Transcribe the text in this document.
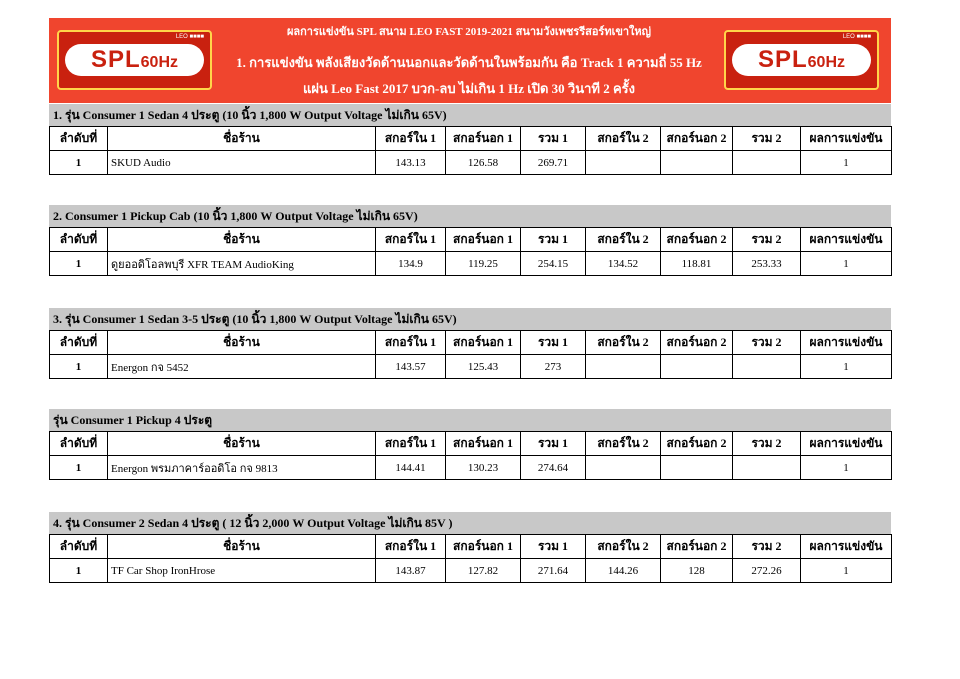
LEO ■■■■
SPL60Hz
ผลการแข่งขัน SPL สนาม LEO FAST 2019-2021 สนามวังเพชรรีสอร์ทเขาใหญ่
1. การแข่งขัน พลังเสียงวัดด้านนอกและวัดด้านในพร้อมกัน คือ Track 1 ความถี่ 55 Hz
แผ่น Leo Fast 2017 บวก-ลบ ไม่เกิน 1 Hz เปิด 30 วินาที 2 ครั้ง
LEO ■■■■
SPL60Hz
1. รุ่น Consumer 1 Sedan 4 ประตู (10 นิ้ว 1,800 W Output Voltage ไม่เกิน 65V)
ลำดับที่	ชื่อร้าน	สกอร์ใน 1	สกอร์นอก 1	รวม 1	สกอร์ใน 2	สกอร์นอก 2	รวม 2	ผลการแข่งขัน
1	SKUD Audio	143.13	126.58	269.71				1
2. Consumer 1 Pickup Cab (10 นิ้ว 1,800 W Output Voltage ไม่เกิน 65V)
ลำดับที่	ชื่อร้าน	สกอร์ใน 1	สกอร์นอก 1	รวม 1	สกอร์ใน 2	สกอร์นอก 2	รวม 2	ผลการแข่งขัน
1	ดูยออดิโอลพบุรี XFR TEAM AudioKing	134.9	119.25	254.15	134.52	118.81	253.33	1
3. รุ่น Consumer 1 Sedan 3-5 ประตู (10 นิ้ว 1,800 W Output Voltage ไม่เกิน 65V)
ลำดับที่	ชื่อร้าน	สกอร์ใน 1	สกอร์นอก 1	รวม 1	สกอร์ใน 2	สกอร์นอก 2	รวม 2	ผลการแข่งขัน
1	Energon กจ 5452	143.57	125.43	273				1
รุ่น Consumer 1 Pickup 4 ประตู
ลำดับที่	ชื่อร้าน	สกอร์ใน 1	สกอร์นอก 1	รวม 1	สกอร์ใน 2	สกอร์นอก 2	รวม 2	ผลการแข่งขัน
1	Energon พรมภาคาร์ออดิโอ กจ 9813	144.41	130.23	274.64				1
4. รุ่น Consumer 2 Sedan 4 ประตู ( 12 นิ้ว 2,000 W Output Voltage ไม่เกิน 85V )
ลำดับที่	ชื่อร้าน	สกอร์ใน 1	สกอร์นอก 1	รวม 1	สกอร์ใน 2	สกอร์นอก 2	รวม 2	ผลการแข่งขัน
1	TF Car Shop IronHrose	143.87	127.82	271.64	144.26	128	272.26	1
